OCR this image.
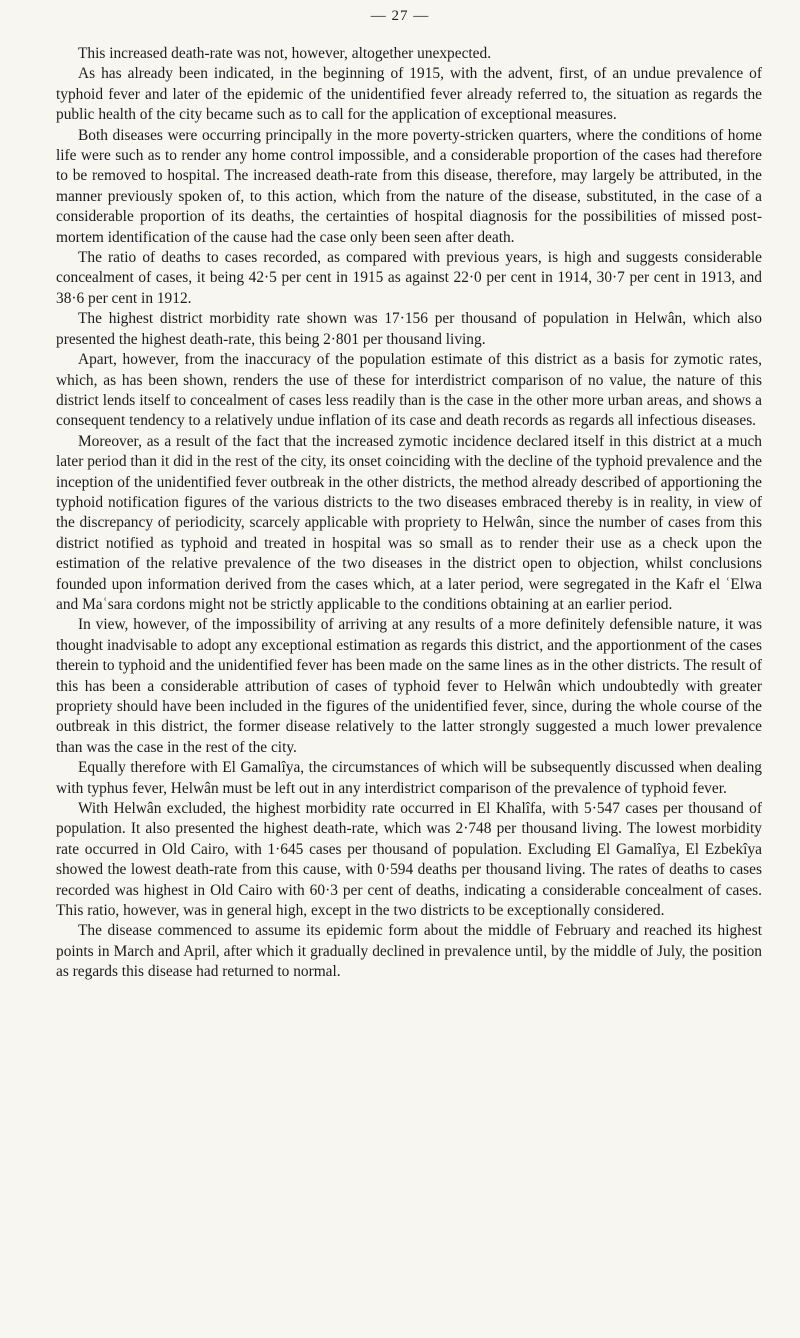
— 27 —

This increased death-rate was not, however, altogether unexpected.

As has already been indicated, in the beginning of 1915, with the advent, first, of an undue prevalence of typhoid fever and later of the epidemic of the unidentified fever already referred to, the situation as regards the public health of the city became such as to call for the application of exceptional measures.

Both diseases were occurring principally in the more poverty-stricken quarters, where the conditions of home life were such as to render any home control impossible, and a considerable proportion of the cases had therefore to be removed to hospital. The increased death-rate from this disease, therefore, may largely be attributed, in the manner previously spoken of, to this action, which from the nature of the disease, substituted, in the case of a considerable proportion of its deaths, the certainties of hospital diagnosis for the possibilities of missed post-mortem identification of the cause had the case only been seen after death.

The ratio of deaths to cases recorded, as compared with previous years, is high and suggests considerable concealment of cases, it being 42·5 per cent in 1915 as against 22·0 per cent in 1914, 30·7 per cent in 1913, and 38·6 per cent in 1912.

The highest district morbidity rate shown was 17·156 per thousand of population in Helwân, which also presented the highest death-rate, this being 2·801 per thousand living.

Apart, however, from the inaccuracy of the population estimate of this district as a basis for zymotic rates, which, as has been shown, renders the use of these for interdistrict comparison of no value, the nature of this district lends itself to concealment of cases less readily than is the case in the other more urban areas, and shows a consequent tendency to a relatively undue inflation of its case and death records as regards all infectious diseases.

Moreover, as a result of the fact that the increased zymotic incidence declared itself in this district at a much later period than it did in the rest of the city, its onset coinciding with the decline of the typhoid prevalence and the inception of the unidentified fever outbreak in the other districts, the method already described of apportioning the typhoid notification figures of the various districts to the two diseases embraced thereby is in reality, in view of the discrepancy of periodicity, scarcely applicable with propriety to Helwân, since the number of cases from this district notified as typhoid and treated in hospital was so small as to render their use as a check upon the estimation of the relative prevalence of the two diseases in the district open to objection, whilst conclusions founded upon information derived from the cases which, at a later period, were segregated in the Kafr el ʿElwa and Maʿsara cordons might not be strictly applicable to the conditions obtaining at an earlier period.

In view, however, of the impossibility of arriving at any results of a more definitely defensible nature, it was thought inadvisable to adopt any exceptional estimation as regards this district, and the apportionment of the cases therein to typhoid and the unidentified fever has been made on the same lines as in the other districts. The result of this has been a considerable attribution of cases of typhoid fever to Helwân which undoubtedly with greater propriety should have been included in the figures of the unidentified fever, since, during the whole course of the outbreak in this district, the former disease relatively to the latter strongly suggested a much lower prevalence than was the case in the rest of the city.

Equally therefore with El Gamalîya, the circumstances of which will be subsequently discussed when dealing with typhus fever, Helwân must be left out in any interdistrict comparison of the prevalence of typhoid fever.

With Helwân excluded, the highest morbidity rate occurred in El Khalîfa, with 5·547 cases per thousand of population. It also presented the highest death-rate, which was 2·748 per thousand living. The lowest morbidity rate occurred in Old Cairo, with 1·645 cases per thousand of population. Excluding El Gamalîya, El Ezbekîya showed the lowest death-rate from this cause, with 0·594 deaths per thousand living. The rates of deaths to cases recorded was highest in Old Cairo with 60·3 per cent of deaths, indicating a considerable concealment of cases. This ratio, however, was in general high, except in the two districts to be exceptionally considered.

The disease commenced to assume its epidemic form about the middle of February and reached its highest points in March and April, after which it gradually declined in prevalence until, by the middle of July, the position as regards this disease had returned to normal.
